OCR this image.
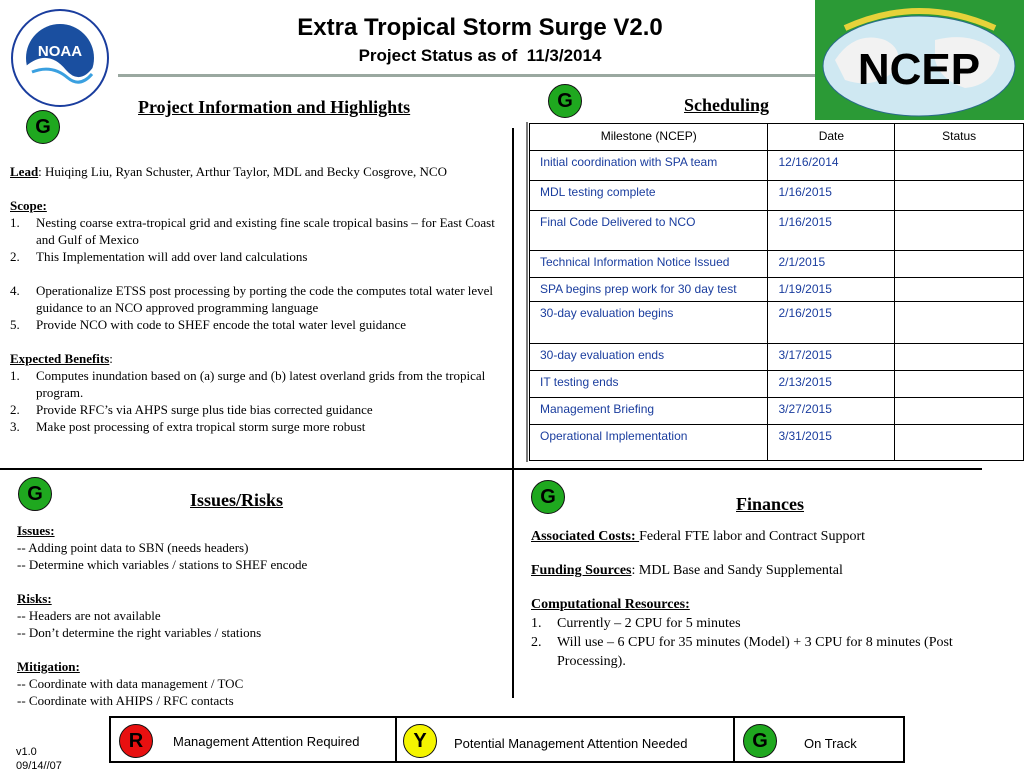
NOAA
Extra Tropical Storm Surge V2.0
Project Status as of  11/3/2014	NCEP
G
Project Information and Highlights
Lead: Huiqing Liu, Ryan Schuster, Arthur Taylor, MDL and Becky Cosgrove, NCO
Scope:
1. Nesting coarse extra-tropical grid and existing fine scale tropical basins – for East Coast and Gulf of Mexico
2. This Implementation will add over land calculations
4. Operationalize ETSS post processing by porting the code the computes total water level guidance to an NCO approved programming language
5. Provide NCO with code to SHEF encode the total water level guidance
Expected Benefits:
1. Computes inundation based on (a) surge and (b) latest overland grids from the tropical program.
2. Provide RFC’s via AHPS surge plus tide bias corrected guidance
3. Make post processing of extra tropical storm surge more robust
G	Scheduling
Milestone (NCEP)	Date	Status
Initial coordination with SPA team	12/16/2014	
MDL testing complete	1/16/2015	
Final Code Delivered to NCO	1/16/2015	
Technical Information Notice Issued	2/1/2015	
SPA begins prep work for 30 day test	1/19/2015	
30-day evaluation begins	2/16/2015	
30-day evaluation ends	3/17/2015	
IT testing ends	2/13/2015	
Management Briefing	3/27/2015	
Operational Implementation	3/31/2015	
G	Issues/Risks
Issues:
-- Adding point data to SBN (needs headers)
-- Determine which variables / stations to SHEF encode
Risks:
-- Headers are not available
-- Don’t determine the right variables / stations
Mitigation:
-- Coordinate with data management / TOC
-- Coordinate with AHIPS / RFC contacts
G	Finances
Associated Costs: Federal FTE labor and Contract Support
Funding Sources: MDL Base and Sandy Supplemental
Computational Resources:
1. Currently – 2 CPU for 5 minutes
2. Will use – 6 CPU for 35 minutes (Model) + 3 CPU for 8 minutes (Post Processing).
R	Management Attention Required	Y	Potential Management Attention Needed	G	On Track
v1.0
09/14//07
